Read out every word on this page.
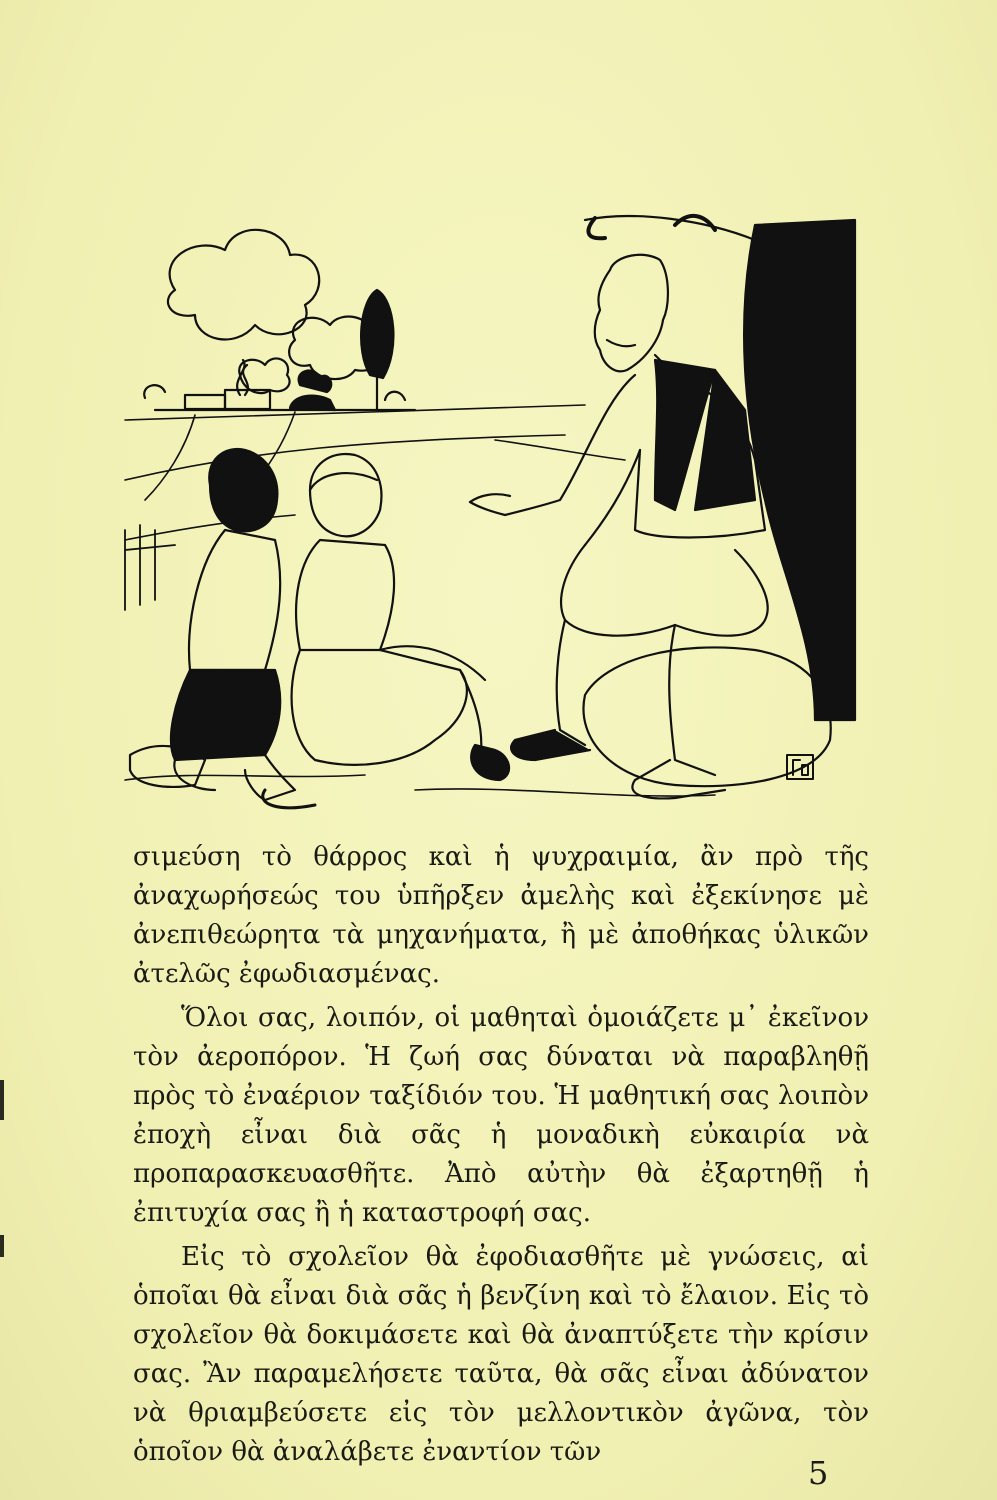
σιμεύση τὸ θάρρος καὶ ἡ ψυχραιμία, ἂν πρὸ τῆς ἀναχωρήσεώς του ὑπῆρξεν ἀμελὴς καὶ ἐξεκίνησε μὲ ἀνεπιθεώρητα τὰ μηχανήματα, ἢ μὲ ἀποθήκας ὑλικῶν ἀτελῶς ἐφωδιασμένας.

Ὅλοι σας, λοιπόν, οἱ μαθηταὶ ὁμοιάζετε μ᾽ ἐκεῖνον τὸν ἀεροπόρον. Ἡ ζωή σας δύναται νὰ παραβληθῇ πρὸς τὸ ἐναέριον ταξίδιόν του. Ἡ μαθητική σας λοιπὸν ἐποχὴ εἶναι διὰ σᾶς ἡ μοναδικὴ εὐκαιρία νὰ προπαρασκευασθῆτε. Ἀπὸ αὐτὴν θὰ ἐξαρτηθῇ ἡ ἐπιτυχία σας ἢ ἡ καταστροφή σας.

Εἰς τὸ σχολεῖον θὰ ἐφοδιασθῆτε μὲ γνώσεις, αἱ ὁποῖαι θὰ εἶναι διὰ σᾶς ἡ βενζίνη καὶ τὸ ἔλαιον. Εἰς τὸ σχολεῖον θὰ δοκιμάσετε καὶ θὰ ἀναπτύξετε τὴν κρίσιν σας. Ἂν παραμελήσετε ταῦτα, θὰ σᾶς εἶναι ἀδύνατον νὰ θριαμβεύσετε εἰς τὸν μελλοντικὸν ἀγῶνα, τὸν ὁποῖον θὰ ἀναλάβετε ἐναντίον τῶν

5
